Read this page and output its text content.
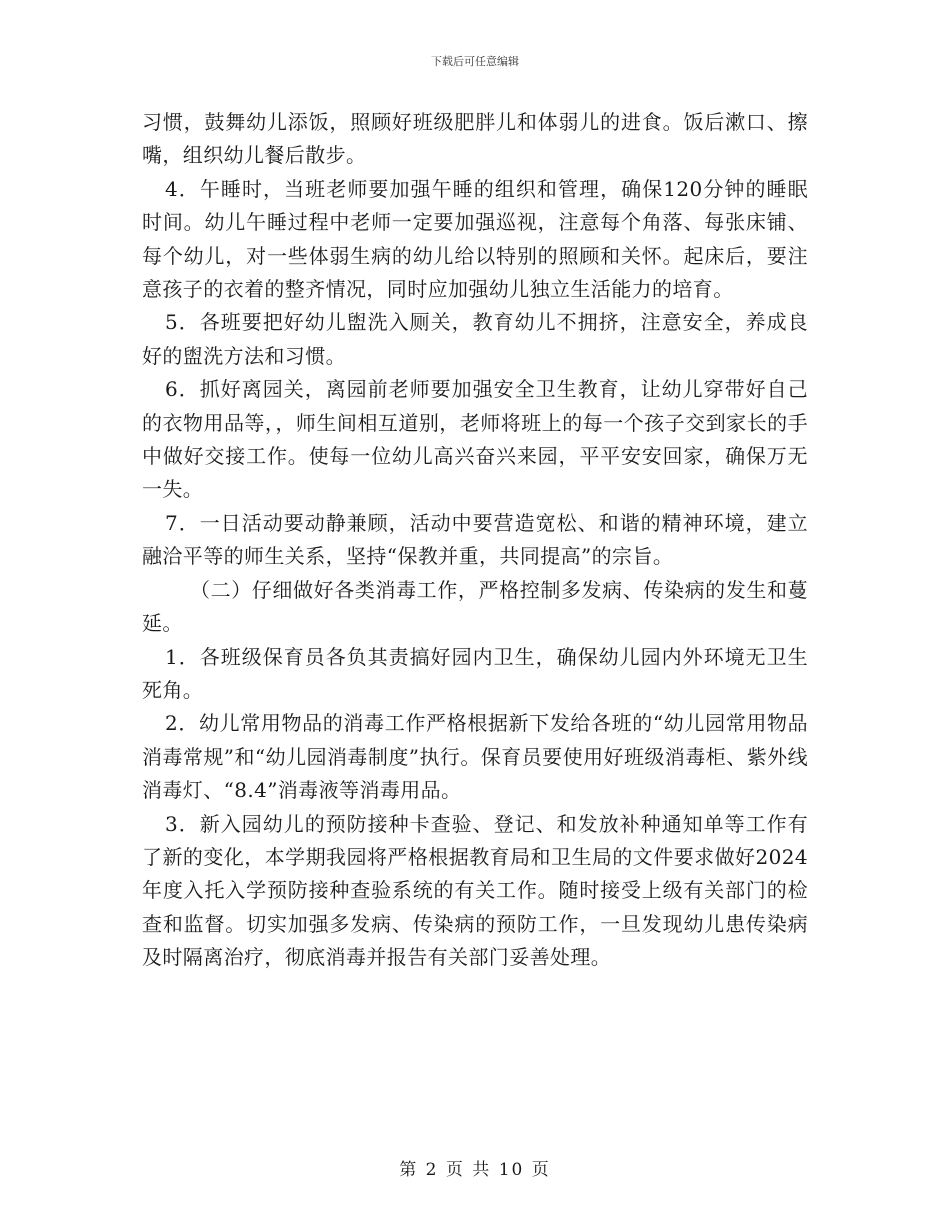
下载后可任意编辑

习惯，鼓舞幼儿添饭，照顾好班级肥胖儿和体弱儿的进食。饭后漱口、擦嘴，组织幼儿餐后散步。

4．午睡时，当班老师要加强午睡的组织和管理，确保120分钟的睡眠时间。幼儿午睡过程中老师一定要加强巡视，注意每个角落、每张床铺、每个幼儿，对一些体弱生病的幼儿给以特别的照顾和关怀。起床后，要注意孩子的衣着的整齐情况，同时应加强幼儿独立生活能力的培育。

5．各班要把好幼儿盥洗入厕关，教育幼儿不拥挤，注意安全，养成良好的盥洗方法和习惯。

6．抓好离园关，离园前老师要加强安全卫生教育，让幼儿穿带好自己的衣物用品等，，师生间相互道别，老师将班上的每一个孩子交到家长的手中做好交接工作。使每一位幼儿高兴奋兴来园，平平安安回家，确保万无一失。

7．一日活动要动静兼顾，活动中要营造宽松、和谐的精神环境，建立融洽平等的师生关系，坚持“保教并重，共同提高”的宗旨。

（二）仔细做好各类消毒工作，严格控制多发病、传染病的发生和蔓延。

1．各班级保育员各负其责搞好园内卫生，确保幼儿园内外环境无卫生死角。

2．幼儿常用物品的消毒工作严格根据新下发给各班的“幼儿园常用物品消毒常规”和“幼儿园消毒制度”执行。保育员要使用好班级消毒柜、紫外线消毒灯、“8.4”消毒液等消毒用品。

3．新入园幼儿的预防接种卡查验、登记、和发放补种通知单等工作有了新的变化，本学期我园将严格根据教育局和卫生局的文件要求做好2024年度入托入学预防接种查验系统的有关工作。随时接受上级有关部门的检查和监督。切实加强多发病、传染病的预防工作，一旦发现幼儿患传染病及时隔离治疗，彻底消毒并报告有关部门妥善处理。

第 2 页 共 10 页
